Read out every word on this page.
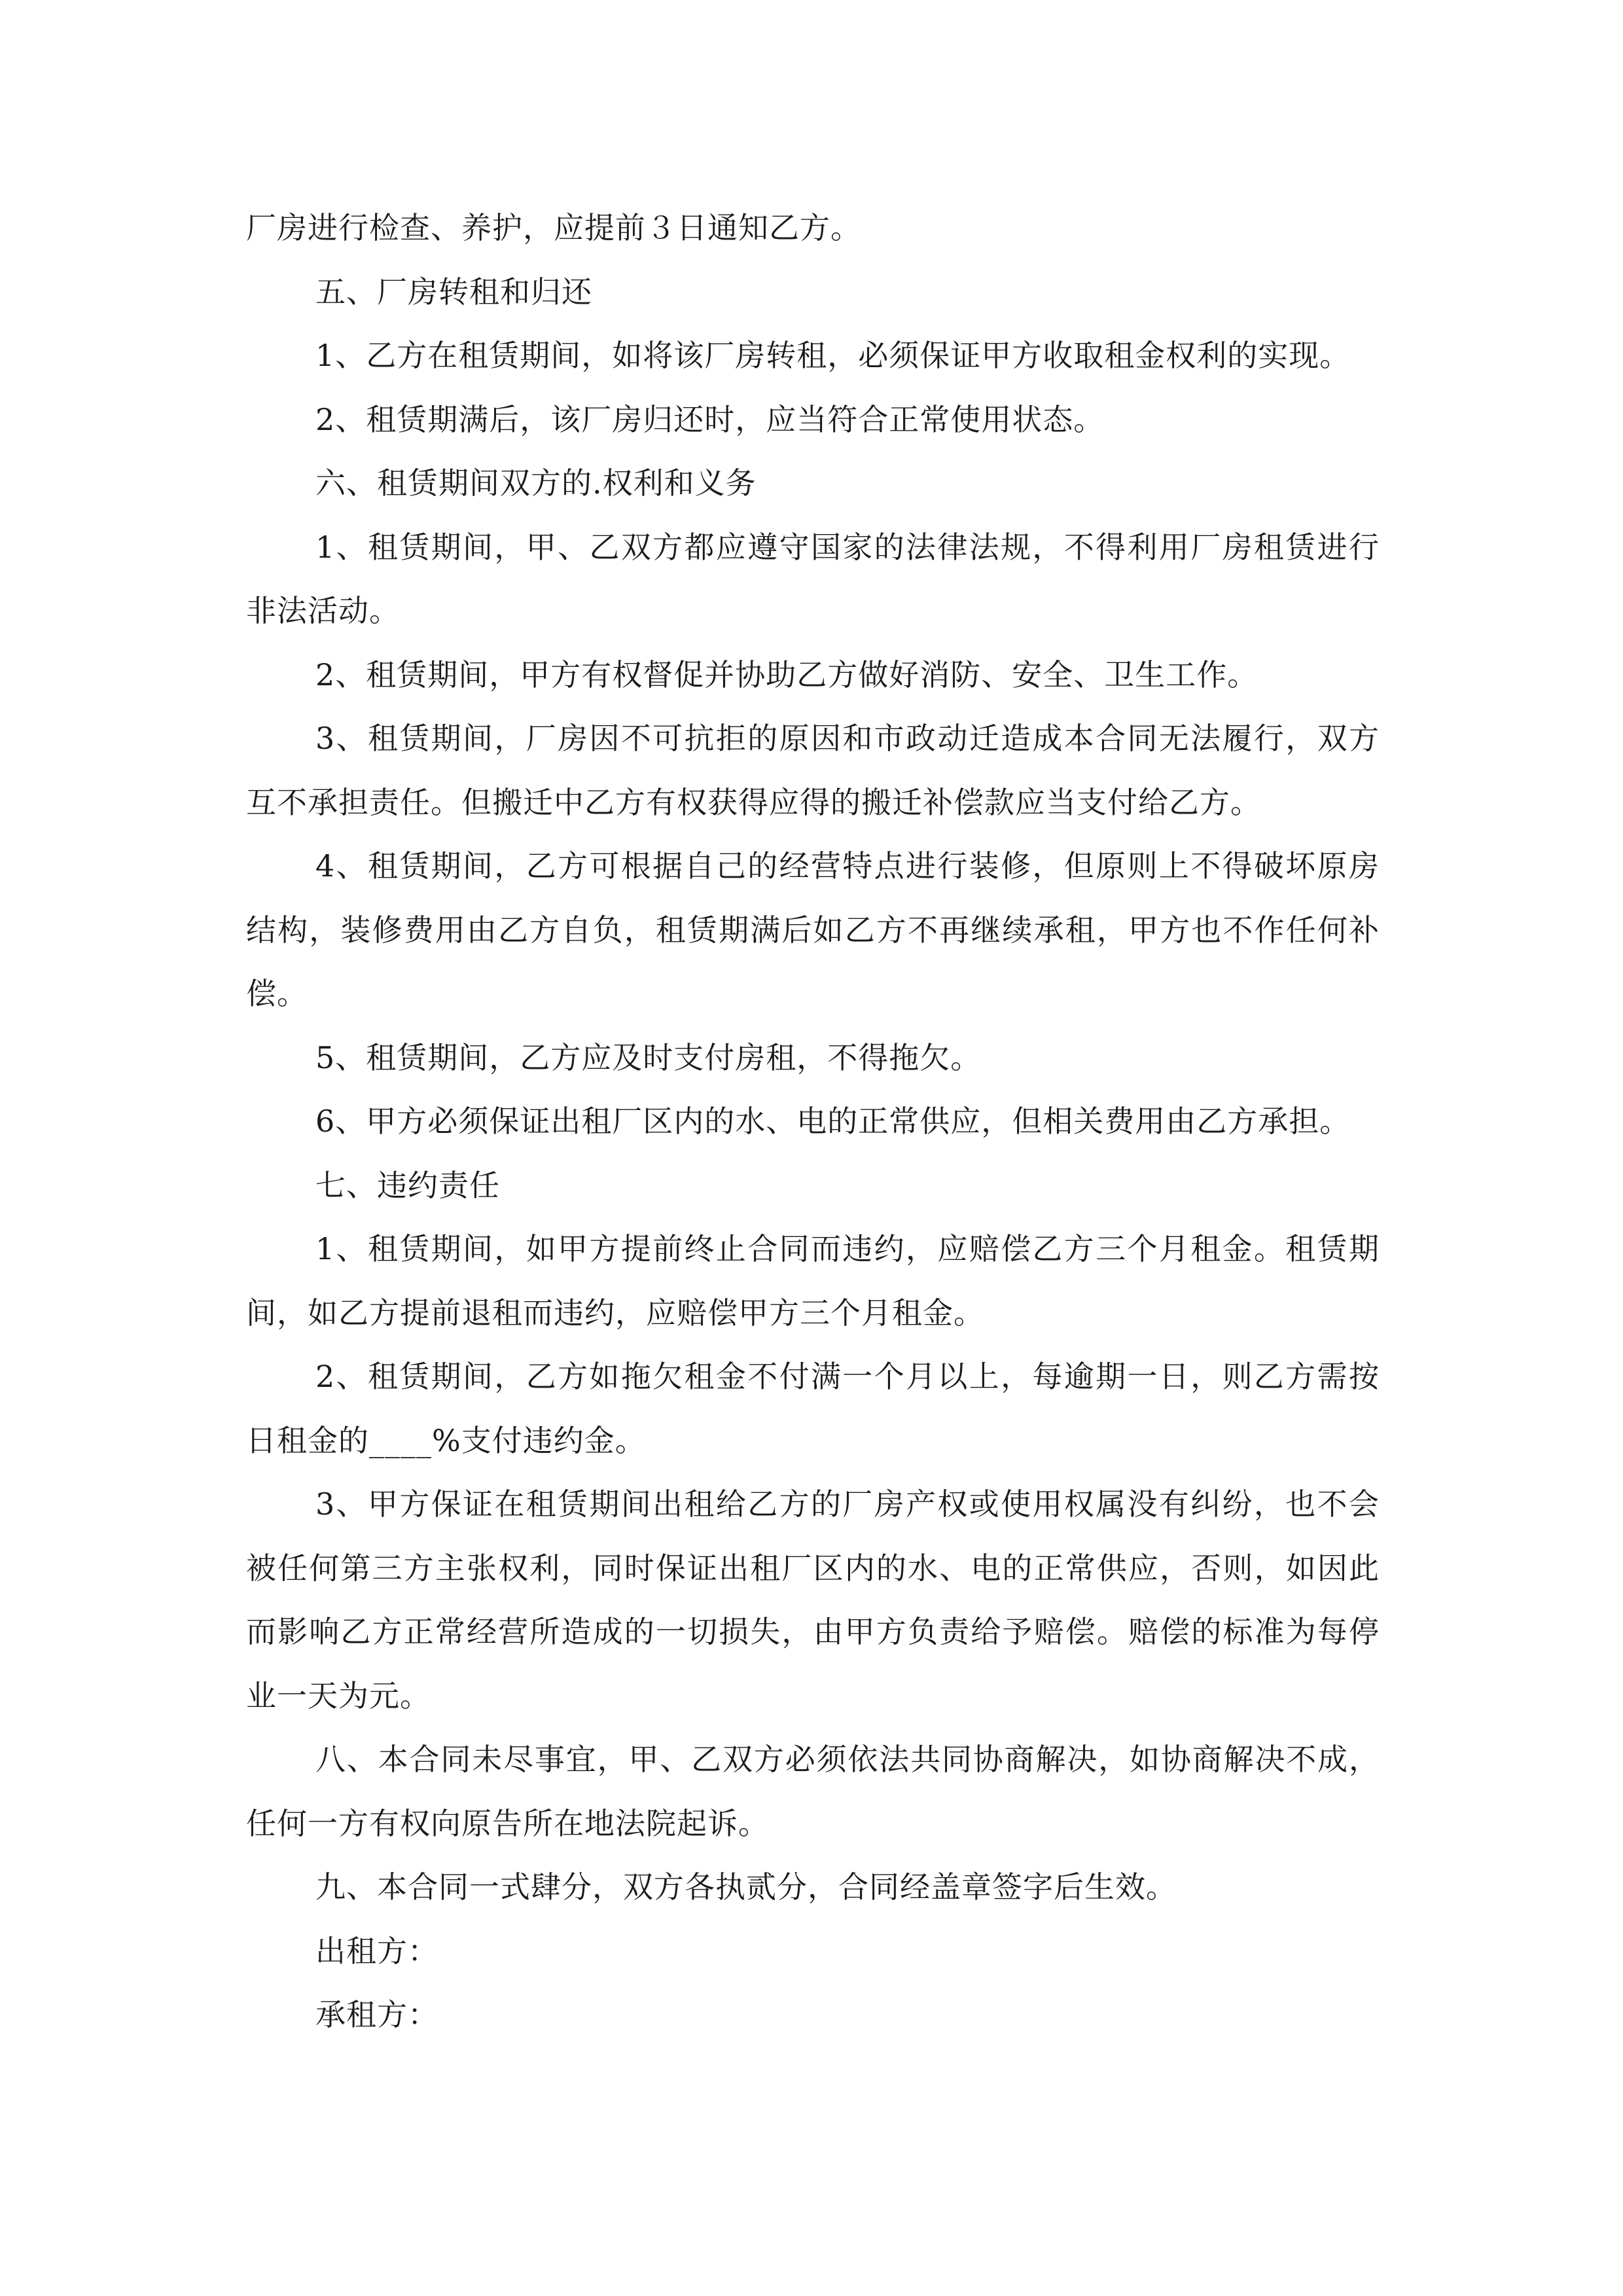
厂房进行检查、养护，应提前３日通知乙方。

五、厂房转租和归还

1、乙方在租赁期间，如将该厂房转租，必须保证甲方收取租金权利的实现。

2、租赁期满后，该厂房归还时，应当符合正常使用状态。

六、租赁期间双方的.权利和义务

1、租赁期间，甲、乙双方都应遵守国家的法律法规，不得利用厂房租赁进行非法活动。

2、租赁期间，甲方有权督促并协助乙方做好消防、安全、卫生工作。

3、租赁期间，厂房因不可抗拒的原因和市政动迁造成本合同无法履行，双方互不承担责任。但搬迁中乙方有权获得应得的搬迁补偿款应当支付给乙方。

4、租赁期间，乙方可根据自己的经营特点进行装修，但原则上不得破坏原房结构，装修费用由乙方自负，租赁期满后如乙方不再继续承租，甲方也不作任何补偿。

5、租赁期间，乙方应及时支付房租，不得拖欠。

6、甲方必须保证出租厂区内的水、电的正常供应，但相关费用由乙方承担。

七、违约责任

1、租赁期间，如甲方提前终止合同而违约，应赔偿乙方三个月租金。租赁期间，如乙方提前退租而违约，应赔偿甲方三个月租金。

2、租赁期间，乙方如拖欠租金不付满一个月以上，每逾期一日，则乙方需按日租金的____%支付违约金。

3、甲方保证在租赁期间出租给乙方的厂房产权或使用权属没有纠纷，也不会被任何第三方主张权利，同时保证出租厂区内的水、电的正常供应，否则，如因此而影响乙方正常经营所造成的一切损失，由甲方负责给予赔偿。赔偿的标准为每停业一天为元。

八、本合同未尽事宜，甲、乙双方必须依法共同协商解决，如协商解决不成，任何一方有权向原告所在地法院起诉。

九、本合同一式肆分，双方各执贰分，合同经盖章签字后生效。

出租方：

承租方：
